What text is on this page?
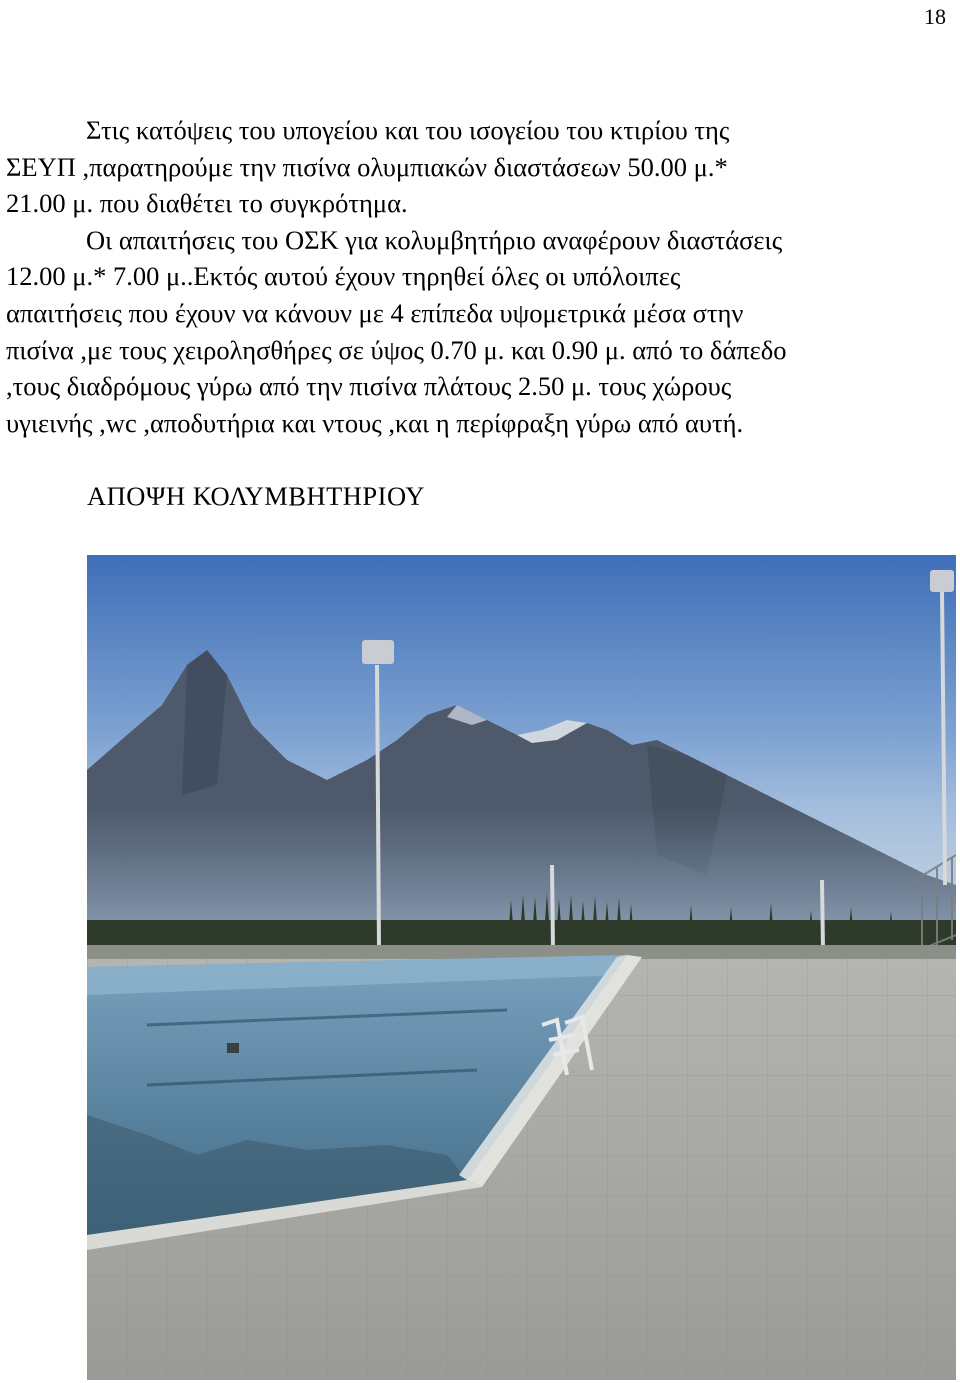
18
Στις κατόψεις του υπογείου και του ισογείου του κτιρίου της
ΣΕΥΠ ,παρατηρούμε την πισίνα ολυμπιακών διαστάσεων 50.00 μ.*
21.00 μ. που διαθέτει το συγκρότημα.
Οι απαιτήσεις του ΟΣΚ για κολυμβητήριο αναφέρουν διαστάσεις
12.00 μ.* 7.00 μ..Εκτός αυτού έχουν τηρηθεί όλες οι υπόλοιπες
απαιτήσεις που έχουν να κάνουν με 4 επίπεδα υψομετρικά μέσα στην
πισίνα ,με τους χειρολησθήρες σε ύψος 0.70 μ. και 0.90 μ. από το δάπεδο
,τους διαδρόμους γύρω από την πισίνα πλάτους 2.50 μ. τους χώρους
υγιεινής ,wc ,αποδυτήρια και ντους ,και η περίφραξη γύρω από αυτή.
ΑΠΟΨΗ ΚΟΛΥΜΒΗΤΗΡΙΟΥ
